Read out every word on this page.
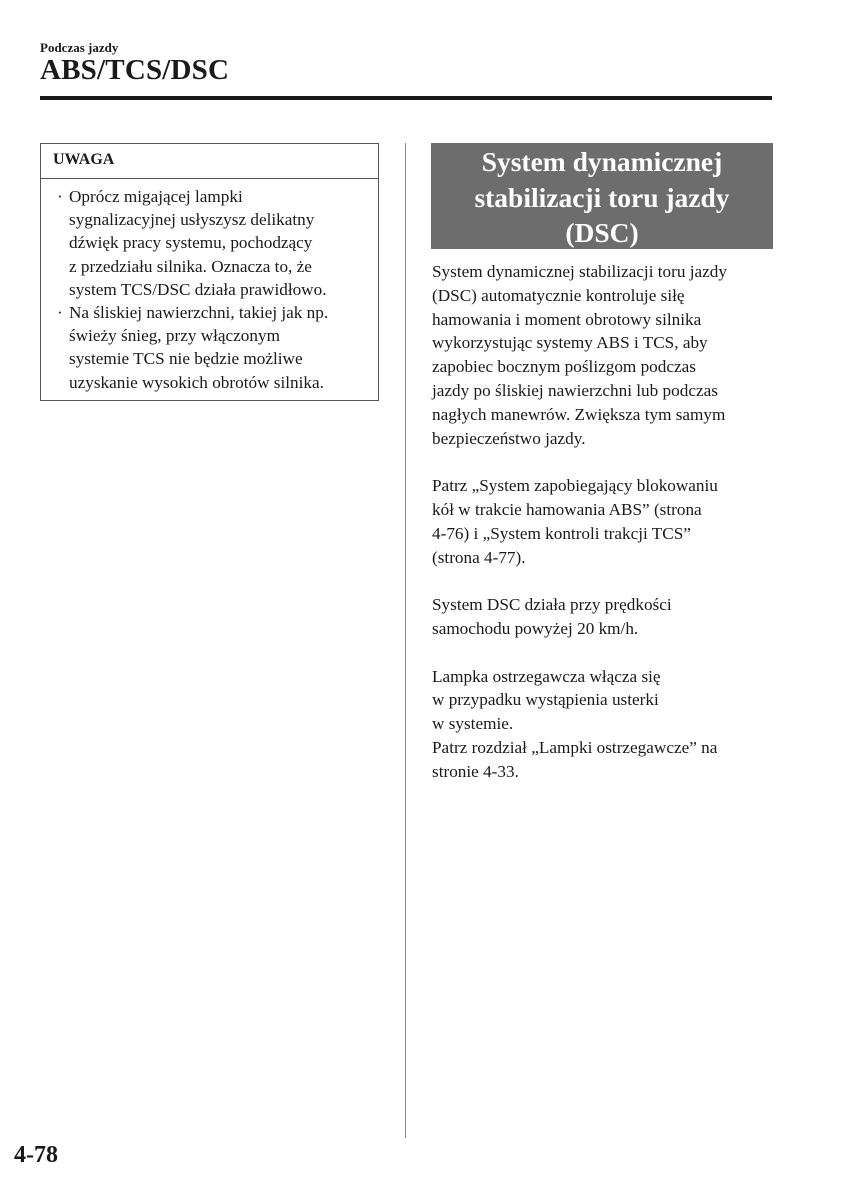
Podczas jazdy
ABS/TCS/DSC
UWAGA
· Oprócz migającej lampki
sygnalizacyjnej usłyszysz delikatny
dźwięk pracy systemu, pochodzący
z przedziału silnika. Oznacza to, że
system TCS/DSC działa prawidłowo.
· Na śliskiej nawierzchni, takiej jak np.
świeży śnieg, przy włączonym
systemie TCS nie będzie możliwe
uzyskanie wysokich obrotów silnika.
System dynamicznej
stabilizacji toru jazdy
(DSC)

System dynamicznej stabilizacji toru jazdy
(DSC) automatycznie kontroluje siłę
hamowania i moment obrotowy silnika
wykorzystując systemy ABS i TCS, aby
zapobiec bocznym poślizgom podczas
jazdy po śliskiej nawierzchni lub podczas
nagłych manewrów. Zwiększa tym samym
bezpieczeństwo jazdy.

Patrz „System zapobiegający blokowaniu
kół w trakcie hamowania ABS” (strona
4-76) i „System kontroli trakcji TCS”
(strona 4-77).

System DSC działa przy prędkości
samochodu powyżej 20 km/h.

Lampka ostrzegawcza włącza się
w przypadku wystąpienia usterki
w systemie.

Patrz rozdział „Lampki ostrzegawcze” na
stronie 4-33.

4-78
